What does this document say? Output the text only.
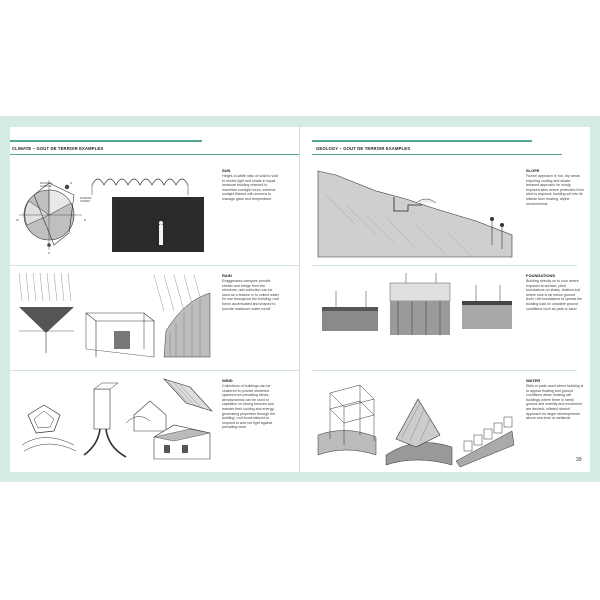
CLIMATE – GOUT DE TERROIR EXAMPLES
SUN
Height-to-width ratio of solid to void to render light and shade in equal measure building oriented to maximize sunlight hours; extreme sunlight filtered with screens to manage glare and temperature
MORNING SUNRISE
EVENING SUNSET
N
W	E
S
RAIN
Exaggerated canopies provide shelter and refuge from the elements; rain collection can be used as a feature or to collect water for use throughout the building; roof forms accentuated and shaped to provide maximum water runoff
WIND
Collections of buildings can be clustered to provide sheltered spaces from prevailing winds; aerodynamics can be used to capitalize on strong breezes and transfer their cooling and energy-generating properties through the building; roof forms tailored to respond to and not fight against prevailing wind
GEOLOGY – GOUT DE TERROIR EXAMPLES
SLOPE
Funnel approach in hot, dry areas requiring cooling and shade; terraced approach for windy, exposed sites where protection from wind is required; building set into its hillside form heating, alpine environments
FOUNDATIONS
Building directly on to rock where exposed at surface; piled foundations on shaky, shallow soil where rock is far below ground level; raft foundations to spread the building load on unstable ground conditions such as peat or sand
WATER
Stilts or pads used where building is to appear floating and ground conditions allow; floating raft buildings where there is rarely ground and mobility and movement are desired; inflated 'stretch' approach for larger developments above sea level or wetlands
39
